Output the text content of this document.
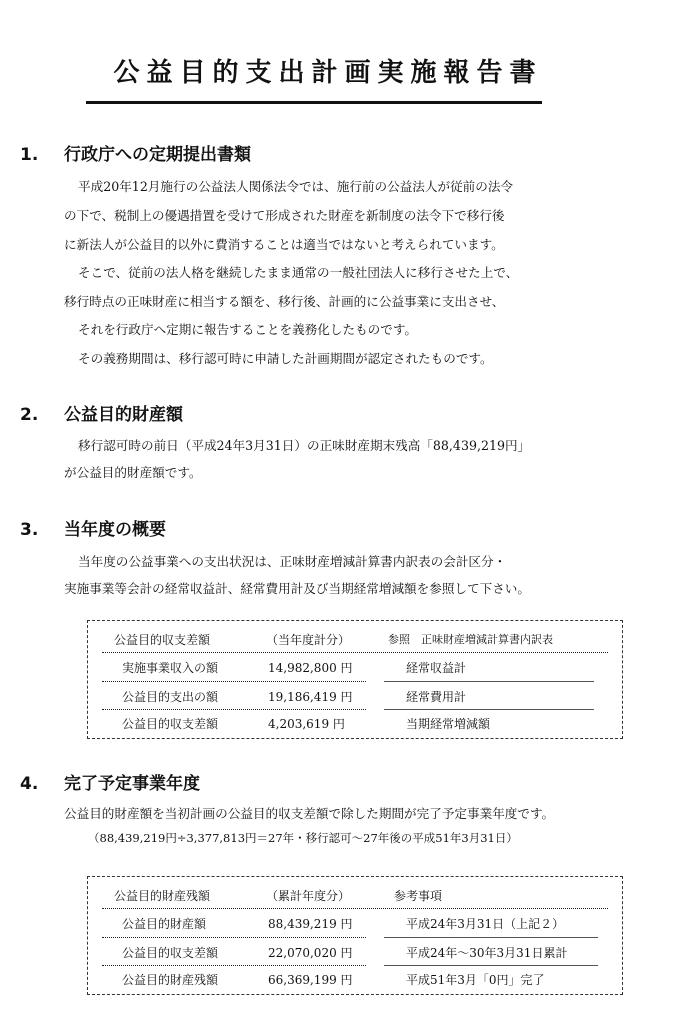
公益目的支出計画実施報告書
1. 行政庁への定期提出書類
平成20年12月施行の公益法人関係法令では、施行前の公益法人が従前の法令
の下で、税制上の優遇措置を受けて形成された財産を新制度の法令下で移行後
に新法人が公益目的以外に費消することは適当ではないと考えられています。
そこで、従前の法人格を継続したまま通常の一般社団法人に移行させた上で、
移行時点の正味財産に相当する額を、移行後、計画的に公益事業に支出させ、
それを行政庁へ定期に報告することを義務化したものです。
その義務期間は、移行認可時に申請した計画期間が認定されたものです。
2. 公益目的財産額
移行認可時の前日（平成24年3月31日）の正味財産期末残高「88,439,219円」
が公益目的財産額です。
3. 当年度の概要
当年度の公益事業への支出状況は、正味財産増減計算書内訳表の会計区分・
実施事業等会計の経常収益計、経常費用計及び当期経常増減額を参照して下さい。
公益目的収支差額	（当年度計分）	参照　正味財産増減計算書内訳表
実施事業収入の額	14,982,800 円	経常収益計
公益目的支出の額	19,186,419 円	経常費用計
公益目的収支差額	4,203,619 円	当期経常増減額
4. 完了予定事業年度
公益目的財産額を当初計画の公益目的収支差額で除した期間が完了予定事業年度です。
（88,439,219円÷3,377,813円＝27年・移行認可～27年後の平成51年3月31日）
公益目的財産残額	（累計年度分）	参考事項
公益目的財産額	88,439,219 円	平成24年3月31日（上記２）
公益目的収支差額	22,070,020 円	平成24年～30年3月31日累計
公益目的財産残額	66,369,199 円	平成51年3月「0円」完了
